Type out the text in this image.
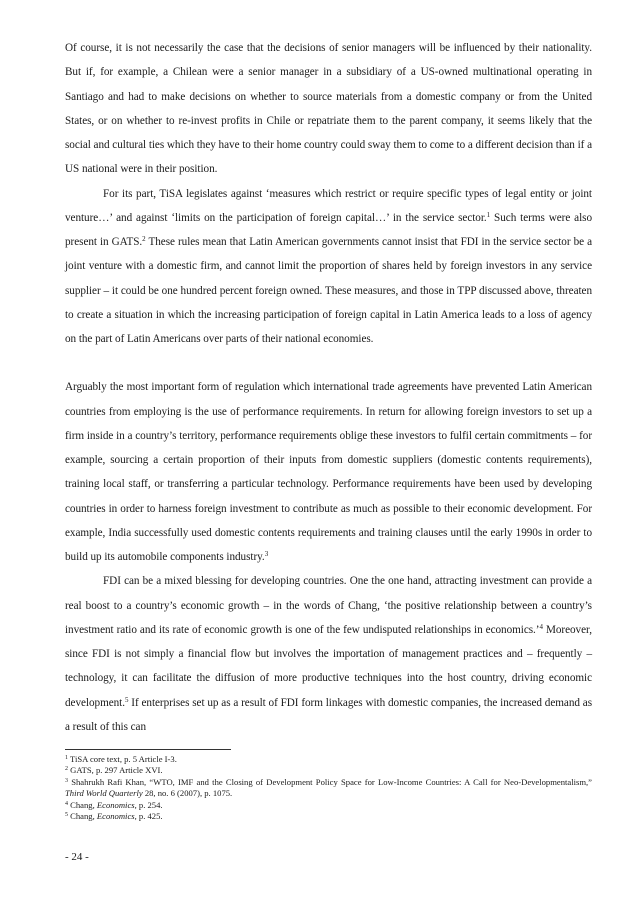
Of course, it is not necessarily the case that the decisions of senior managers will be influenced by their nationality. But if, for example, a Chilean were a senior manager in a subsidiary of a US-owned multinational operating in Santiago and had to make decisions on whether to source materials from a domestic company or from the United States, or on whether to re-invest profits in Chile or repatriate them to the parent company, it seems likely that the social and cultural ties which they have to their home country could sway them to come to a different decision than if a US national were in their position.

For its part, TiSA legislates against ‘measures which restrict or require specific types of legal entity or joint venture…’ and against ‘limits on the participation of foreign capital…’ in the service sector.$^1$ Such terms were also present in GATS.$^2$ These rules mean that Latin American governments cannot insist that FDI in the service sector be a joint venture with a domestic firm, and cannot limit the proportion of shares held by foreign investors in any service supplier – it could be one hundred percent foreign owned. These measures, and those in TPP discussed above, threaten to create a situation in which the increasing participation of foreign capital in Latin America leads to a loss of agency on the part of Latin Americans over parts of their national economies.

Arguably the most important form of regulation which international trade agreements have prevented Latin American countries from employing is the use of performance requirements. In return for allowing foreign investors to set up a firm inside in a country’s territory, performance requirements oblige these investors to fulfil certain commitments – for example, sourcing a certain proportion of their inputs from domestic suppliers (domestic contents requirements), training local staff, or transferring a particular technology. Performance requirements have been used by developing countries in order to harness foreign investment to contribute as much as possible to their economic development. For example, India successfully used domestic contents requirements and training clauses until the early 1990s in order to build up its automobile components industry.$^3$

FDI can be a mixed blessing for developing countries. One the one hand, attracting investment can provide a real boost to a country’s economic growth – in the words of Chang, ‘the positive relationship between a country’s investment ratio and its rate of economic growth is one of the few undisputed relationships in economics.’$^4$ Moreover, since FDI is not simply a financial flow but involves the importation of management practices and – frequently – technology, it can facilitate the diffusion of more productive techniques into the host country, driving economic development.$^5$ If enterprises set up as a result of FDI form linkages with domestic companies, the increased demand as a result of this can

$^1$ TiSA core text, p. 5 Article I-3.

$^2$ GATS, p. 297 Article XVI.

$^3$ Shahrukh Rafi Khan, “WTO, IMF and the Closing of Development Policy Space for Low-Income Countries: A Call for Neo-Developmentalism,” Third World Quarterly 28, no. 6 (2007), p. 1075.

$^4$ Chang, Economics, p. 254.

$^5$ Chang, Economics, p. 425.

- 24 -
